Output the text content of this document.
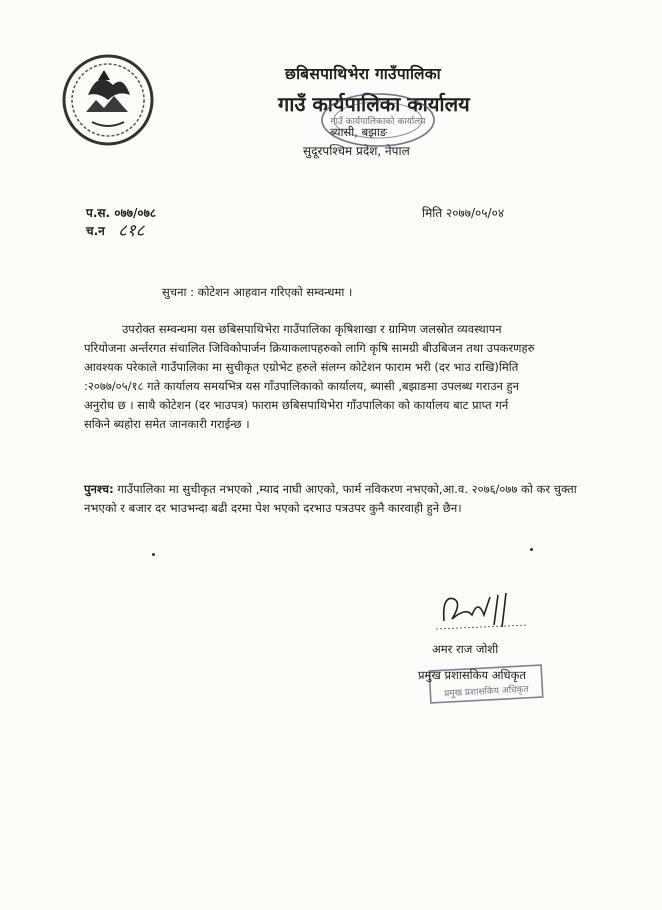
छबिसपाथिभेरा गाउँपालिका
गाउँ कार्यपालिका कार्यालय
ब्यासी, बझाङ
सुदूरपश्चिम प्रदेश, नेपाल
गाउँ कार्यपालिकाको कार्यालय
प.स. ०७७/०७८
च.न ८१८
मिति २०७७/०५/०४
सुचना : कोटेशन आहवान गरिएको सम्वन्धमा ।
उपरोक्त सम्वन्धमा यस छबिसपाथिभेरा गाउँपालिका कृषिशाखा र ग्रामिण जलस्रोत व्यवस्थापन
परियोजना अर्न्तरगत संचालित जिविकोपार्जन क्रियाकलापहरुको लागि कृषि सामग्री बीउबिजन तथा उपकरणहरु
आवश्यक परेकाले गाउँपालिका मा सुचीकृत एग्रोभेट हरुले संलग्न कोटेशन फाराम भरी (दर भाउ राखि)मिति
:२०७७/०५/१८ गते कार्यालय समयभित्र यस गाँउपालिकाको कार्यालय, ब्यासी ,बझाङमा उपलब्ध गराउन हुन
अनुरोध छ । साथै कोटेशन (दर भाउपत्र) फाराम छबिसपाथिभेरा गाँउपालिका को कार्यालय बाट प्राप्त गर्न
सकिने ब्यहोरा समेत जानकारी गराईन्छ ।
पुनश्च: गाउँपालिका मा सुचीकृत नभएको ,म्याद नाघी आएको, फार्म नविकरण नभएको,आ.व. २०७६/०७७ को कर चुक्ता नभएको र बजार दर भाउभन्दा बढी दरमा पेश भएको दरभाउ पत्रउपर कुनै कारवाही हुने छैन।
अमर राज जोशी
प्रमुख प्रशासकिय अधिकृत
प्रमुख प्रशासकिय अधिकृत
